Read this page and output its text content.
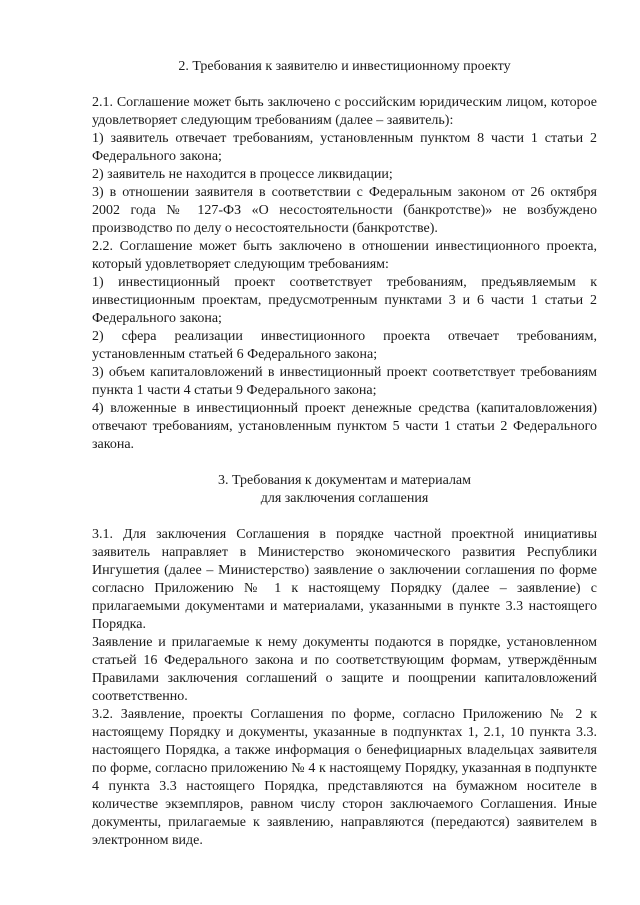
2. Требования к заявителю и инвестиционному проекту

2.1. Соглашение может быть заключено с российским юридическим лицом, которое удовлетворяет следующим требованиям (далее – заявитель):

1) заявитель отвечает требованиям, установленным пунктом 8 части 1 статьи 2 Федерального закона;

2) заявитель не находится в процессе ликвидации;

3) в отношении заявителя в соответствии с Федеральным законом от 26 октября 2002 года № 127-ФЗ «О несостоятельности (банкротстве)» не возбуждено производство по делу о несостоятельности (банкротстве).

2.2. Соглашение может быть заключено в отношении инвестиционного проекта, который удовлетворяет следующим требованиям:

1) инвестиционный проект соответствует требованиям, предъявляемым к инвестиционным проектам, предусмотренным пунктами 3 и 6 части 1 статьи 2 Федерального закона;

2) сфера реализации инвестиционного проекта отвечает требованиям, установленным статьей 6 Федерального закона;

3) объем капиталовложений в инвестиционный проект соответствует требованиям пункта 1 части 4 статьи 9 Федерального закона;

4) вложенные в инвестиционный проект денежные средства (капиталовложения) отвечают требованиям, установленным пунктом 5 части 1 статьи 2 Федерального закона.

3. Требования к документам и материалам
для заключения соглашения

3.1. Для заключения Соглашения в порядке частной проектной инициативы заявитель направляет в Министерство экономического развития Республики Ингушетия (далее – Министерство) заявление о заключении соглашения по форме согласно Приложению № 1 к настоящему Порядку (далее – заявление) с прилагаемыми документами и материалами, указанными в пункте 3.3 настоящего Порядка.

Заявление и прилагаемые к нему документы подаются в порядке, установленном статьей 16 Федерального закона и по соответствующим формам, утверждённым Правилами заключения соглашений о защите и поощрении капиталовложений соответственно.

3.2. Заявление, проекты Соглашения по форме, согласно Приложению № 2 к настоящему Порядку и документы, указанные в подпунктах 1, 2.1, 10 пункта 3.3. настоящего Порядка, а также информация о бенефициарных владельцах заявителя по форме, согласно приложению № 4 к настоящему Порядку, указанная в подпункте 4 пункта 3.3 настоящего Порядка, представляются на бумажном носителе в количестве экземпляров, равном числу сторон заключаемого Соглашения. Иные документы, прилагаемые к заявлению, направляются (передаются) заявителем в электронном виде.
